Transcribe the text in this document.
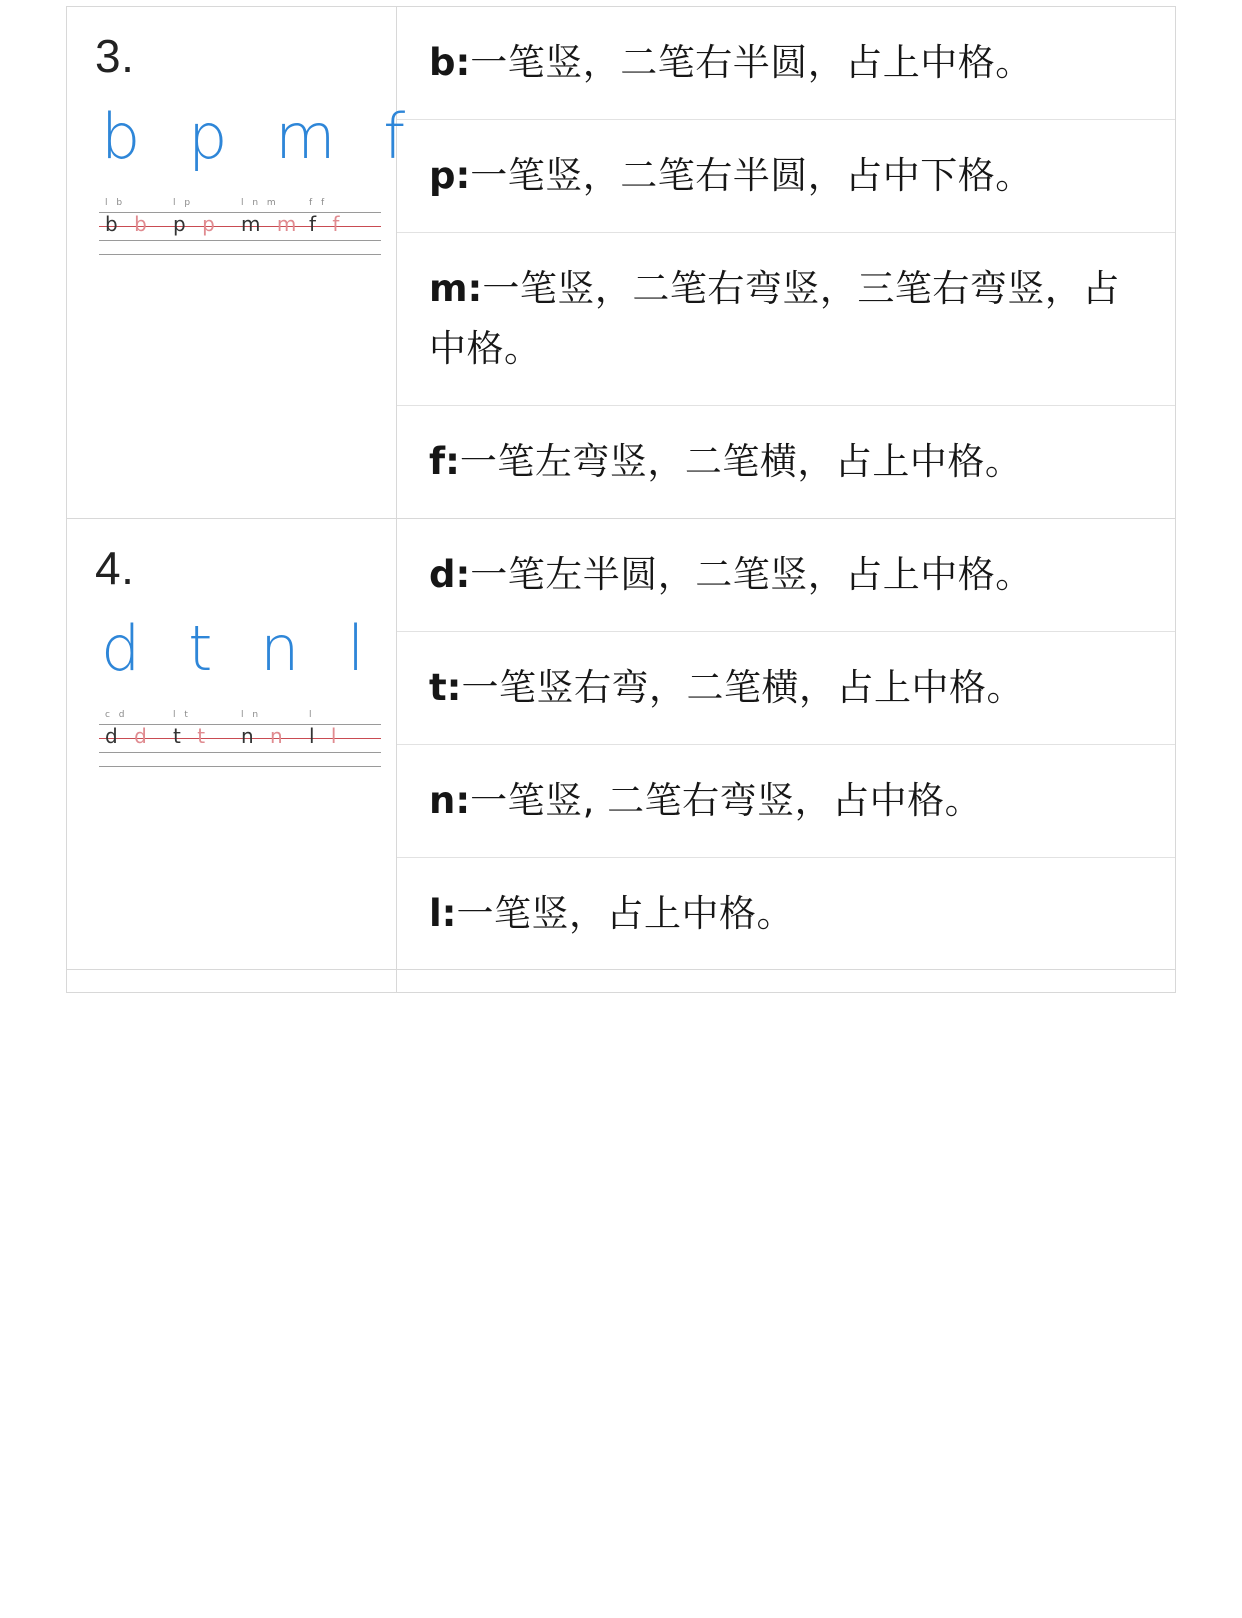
3.
b p m f
l b	l p	l n m	f f
b b	p p	m m f f
b:一笔竖，二笔右半圆，占上中格。
p:一笔竖，二笔右半圆，占中下格。
m:一笔竖，二笔右弯竖，三笔右弯竖，占中格。
f:一笔左弯竖，二笔横，占上中格。
4.
d t n l
c d	l t	l n	l
d d	t t	n n	l l
d:一笔左半圆，二笔竖，占上中格。
t:一笔竖右弯，二笔横，占上中格。
n:一笔竖, 二笔右弯竖，占中格。
l:一笔竖，占上中格。
